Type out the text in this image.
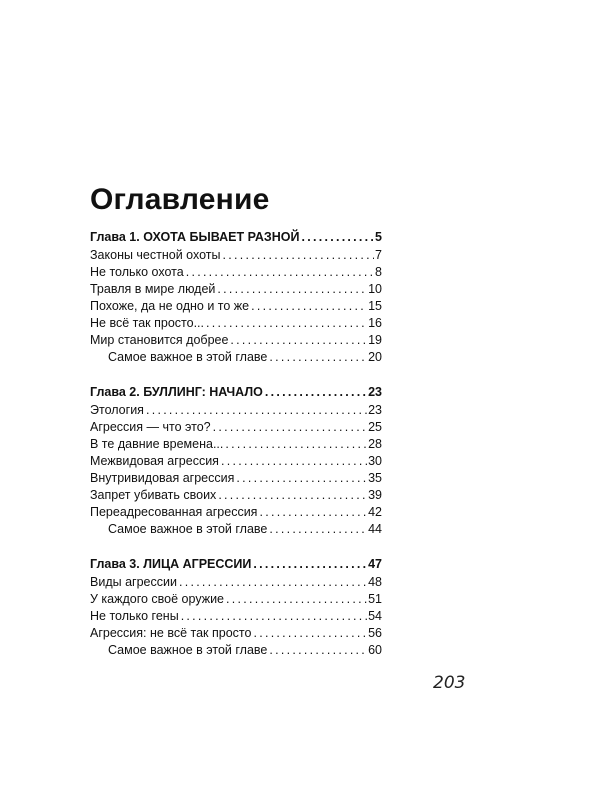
Оглавление
Глава 1. ОХОТА БЫВАЕТ РАЗНОЙ . . .	5
Законы честной охоты . . .	7
Не только охота . . .	8
Травля в мире людей . . .	10
Похоже, да не одно и то же . . .	15
Не всё так просто... . . .	16
Мир становится добрее . . .	19
Самое важное в этой главе . . .	20
Глава 2. БУЛЛИНГ: НАЧАЛО . . .	23
Этология . . .	23
Агрессия — что это? . . .	25
В те давние времена... . . .	28
Межвидовая агрессия . . .	30
Внутривидовая агрессия . . .	35
Запрет убивать своих . . .	39
Переадресованная агрессия . . .	42
Самое важное в этой главе . . .	44
Глава 3. ЛИЦА АГРЕССИИ . . .	47
Виды агрессии . . .	48
У каждого своё оружие . . .	51
Не только гены . . .	54
Агрессия: не всё так просто . . .	56
Самое важное в этой главе . . .	60
203
